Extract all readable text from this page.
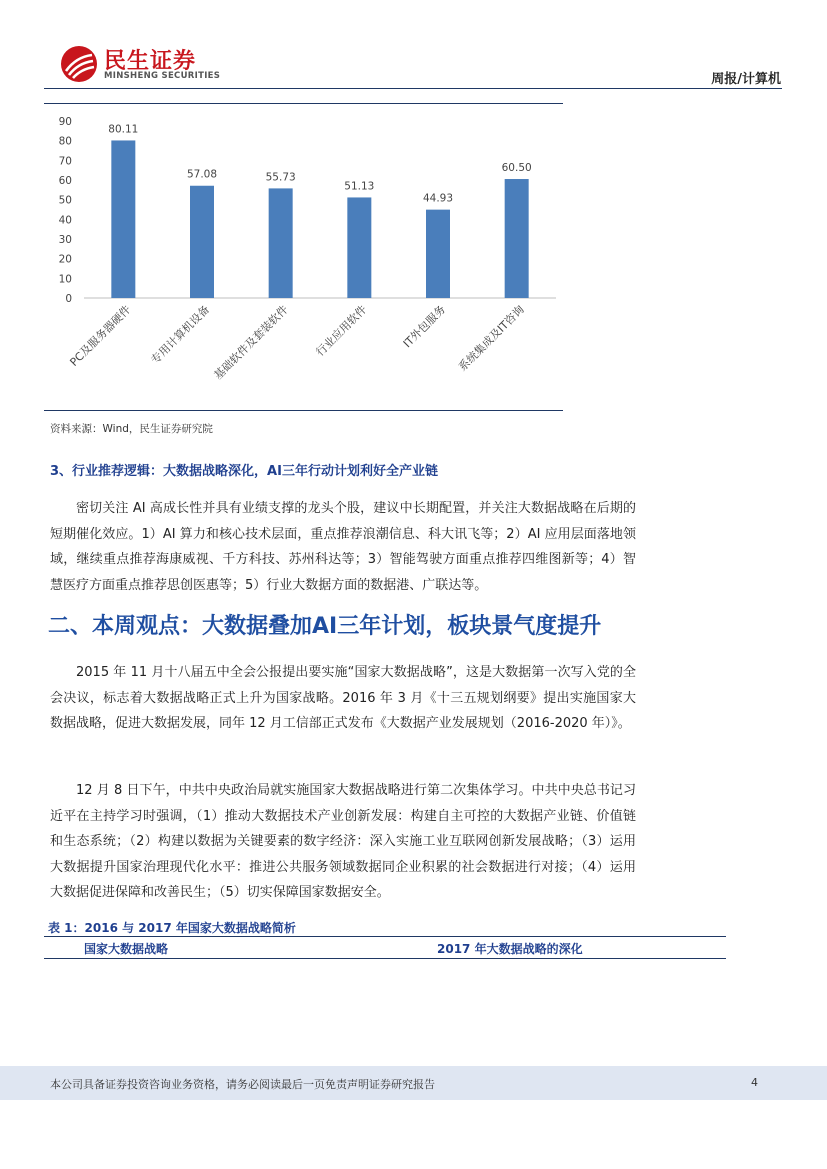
民生证券
MINSHENG SECURITIES	周报/计算机
0
10
20
30
40
50
60
70
80
90
80.11
PC及服务器硬件
57.08
专用计算机设备
55.73
基础软件及套装软件
51.13
行业应用软件
44.93
IT外包服务
60.50
系统集成及IT咨询
资料来源：Wind，民生证券研究院
3、行业推荐逻辑：大数据战略深化，AI三年行动计划利好全产业链
密切关注 AI 高成长性并具有业绩支撑的龙头个股，建议中长期配置，并关注大数据战略在后期的短期催化效应。1）AI 算力和核心技术层面，重点推荐浪潮信息、科大讯飞等；2）AI 应用层面落地领域，继续重点推荐海康威视、千方科技、苏州科达等；3）智能驾驶方面重点推荐四维图新等；4）智慧医疗方面重点推荐思创医惠等；5）行业大数据方面的数据港、广联达等。
二、本周观点：大数据叠加AI三年计划，板块景气度提升
2015 年 11 月十八届五中全会公报提出要实施“国家大数据战略”，这是大数据第一次写入党的全会决议，标志着大数据战略正式上升为国家战略。2016 年 3 月《十三五规划纲要》提出实施国家大数据战略，促进大数据发展，同年 12 月工信部正式发布《大数据产业发展规划（2016-2020 年）》。
12 月 8 日下午，中共中央政治局就实施国家大数据战略进行第二次集体学习。中共中央总书记习近平在主持学习时强调，（1）推动大数据技术产业创新发展：构建自主可控的大数据产业链、价值链和生态系统；（2）构建以数据为关键要素的数字经济：深入实施工业互联网创新发展战略；（3）运用大数据提升国家治理现代化水平：推进公共服务领域数据同企业积累的社会数据进行对接；（4）运用大数据促进保障和改善民生；（5）切实保障国家数据安全。
表 1：2016 与 2017 年国家大数据战略简析
国家大数据战略	2017 年大数据战略的深化
本公司具备证券投资咨询业务资格，请务必阅读最后一页免责声明证券研究报告	4
